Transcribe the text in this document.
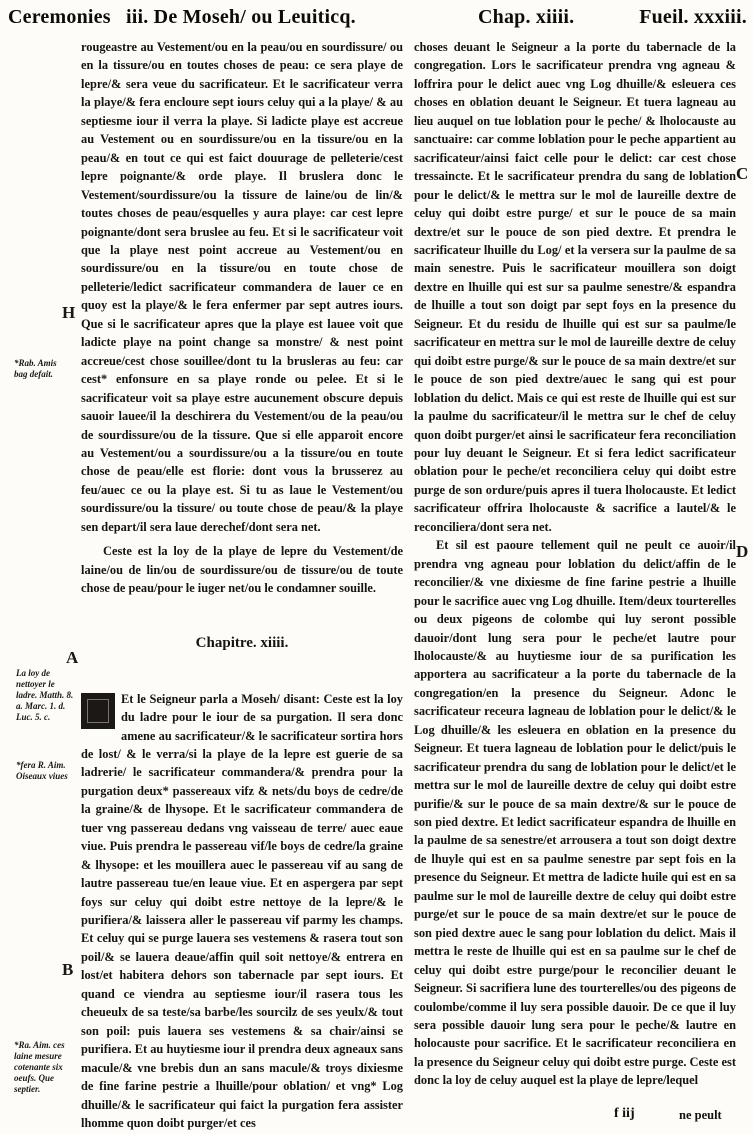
Ceremonies iii. De Moseh/ ou Leuiticq.	Chap. xiiii.	Fueil. xxxiii.
H
*Rab. Amis bag defait.
A
La loy de nettoyer le ladre. Matth. 8. a. Marc. 1. d. Luc. 5. c.
*fera R. Aim. Oiseaux viues
B
*Ra. Aim. ces laine mesure cotenante six oeufs. Que septier.
C
D

rougeastre au Vestement/ou en la peau/ou en sourdissure/ ou en la tissure/ou en toutes choses de peau: ce sera playe de lepre/& sera veue du sacrificateur. Et le sacrificateur verra la playe/& fera encloure sept iours celuy qui a la playe/ & au septiesme iour il verra la playe. Si ladicte playe est accreue au Vestement ou en sourdissure/ou en la tissure/ou en la peau/& en tout ce qui est faict douurage de pelleterie/cest lepre poignante/& orde playe. Il bruslera donc le Vestement/sourdissure/ou la tissure de laine/ou de lin/& toutes choses de peau/esquelles y aura playe: car cest lepre poignante/dont sera bruslee au feu. Et si le sacrificateur voit que la playe nest point accreue au Vestement/ou en sourdissure/ou en la tissure/ou en toute chose de pelleterie/ledict sacrificateur commandera de lauer ce en quoy est la playe/& le fera enfermer par sept autres iours. Que si le sacrificateur apres que la playe est lauee voit que ladicte playe na point change sa monstre/ & nest point accreue/cest chose souillee/dont tu la brusleras au feu: car cest* enfonsure en sa playe ronde ou pelee. Et si le sacrificateur voit sa playe estre aucunement obscure depuis sauoir lauee/il la deschirera du Vestement/ou de la peau/ou de sourdissure/ou de la tissure. Que si elle apparoit encore au Vestement/ou a sourdissure/ou a la tissure/ou en toute chose de peau/elle est florie: dont vous la brusserez au feu/auec ce ou la playe est. Si tu as laue le Vestement/ou sourdissure/ou la tissure/ ou toute chose de peau/& la playe sen depart/il sera laue derechef/dont sera net.

Ceste est la loy de la playe de lepre du Vestement/de laine/ou de lin/ou de sourdissure/ou de tissure/ou de toute chose de peau/pour le iuger net/ou le condamner souille.

Chapitre. xiiii.

Et le Seigneur parla a Moseh/ disant: Ceste est la loy du ladre pour le iour de sa purgation. Il sera donc amene au sacrificateur/& le sacrificateur sortira hors de lost/ & le verra/si la playe de la lepre est guerie de sa ladrerie/ le sacrificateur commandera/& prendra pour la purgation deux* passereaux vifz & nets/du boys de cedre/de la graine/& de lhysope. Et le sacrificateur commandera de tuer vng passereau dedans vng vaisseau de terre/ auec eaue viue. Puis prendra le passereau vif/le boys de cedre/la graine & lhysope: et les mouillera auec le passereau vif au sang de lautre passereau tue/en leaue viue. Et en aspergera par sept foys sur celuy qui doibt estre nettoye de la lepre/& le purifiera/& laissera aller le passereau vif parmy les champs. Et celuy qui se purge lauera ses vestemens & rasera tout son poil/& se lauera deaue/affin quil soit nettoye/& entrera en lost/et habitera dehors son tabernacle par sept iours. Et quand ce viendra au septiesme iour/il rasera tous les cheueulx de sa teste/sa barbe/les sourcilz de ses yeulx/& tout son poil: puis lauera ses vestemens & sa chair/ainsi se purifiera. Et au huytiesme iour il prendra deux agneaux sans macule/& vne brebis dun an sans macule/& troys dixiesme de fine farine pestrie a lhuille/pour oblation/ et vng* Log dhuille/& le sacrificateur qui faict la purgation fera assister lhomme quon doibt purger/et ces

choses deuant le Seigneur a la porte du tabernacle de la congregation. Lors le sacrificateur prendra vng agneau & loffrira pour le delict auec vng Log dhuille/& esleuera ces choses en oblation deuant le Seigneur. Et tuera lagneau au lieu auquel on tue loblation pour le peche/ & lholocauste au sanctuaire: car comme loblation pour le peche appartient au sacrificateur/ainsi faict celle pour le delict: car cest chose tressaincte. Et le sacrificateur prendra du sang de loblation pour le delict/& le mettra sur le mol de laureille dextre de celuy qui doibt estre purge/ et sur le pouce de sa main dextre/et sur le pouce de son pied dextre. Et prendra le sacrificateur lhuille du Log/ et la versera sur la paulme de sa main senestre. Puis le sacrificateur mouillera son doigt dextre en lhuille qui est sur sa paulme senestre/& espandra de lhuille a tout son doigt par sept foys en la presence du Seigneur. Et du residu de lhuille qui est sur sa paulme/le sacrificateur en mettra sur le mol de laureille dextre de celuy qui doibt estre purge/& sur le pouce de sa main dextre/et sur le pouce de son pied dextre/auec le sang qui est pour loblation du delict. Mais ce qui est reste de lhuille qui est sur la paulme du sacrificateur/il le mettra sur le chef de celuy quon doibt purger/et ainsi le sacrificateur fera reconciliation pour luy deuant le Seigneur. Et si fera ledict sacrificateur oblation pour le peche/et reconciliera celuy qui doibt estre purge de son ordure/puis apres il tuera lholocauste. Et ledict sacrificateur offrira lholocauste & sacrifice a lautel/& le reconciliera/dont sera net.

Et sil est paoure tellement quil ne peult ce auoir/il prendra vng agneau pour loblation du delict/affin de le reconcilier/& vne dixiesme de fine farine pestrie a lhuille pour le sacrifice auec vng Log dhuille. Item/deux tourterelles ou deux pigeons de colombe qui luy seront possible dauoir/dont lung sera pour le peche/et lautre pour lholocauste/& au huytiesme iour de sa purification les apportera au sacrificateur a la porte du tabernacle de la congregation/en la presence du Seigneur. Adonc le sacrificateur receura lagneau de loblation pour le delict/& le Log dhuille/& les esleuera en oblation en la presence du Seigneur. Et tuera lagneau de loblation pour le delict/puis le sacrificateur prendra du sang de loblation pour le delict/et le mettra sur le mol de laureille dextre de celuy qui doibt estre purifie/& sur le pouce de sa main dextre/& sur le pouce de son pied dextre. Et ledict sacrificateur espandra de lhuille en la paulme de sa senestre/et arrousera a tout son doigt dextre de lhuyle qui est en sa paulme senestre par sept fois en la presence du Seigneur. Et mettra de ladicte huile qui est en sa paulme sur le mol de laureille dextre de celuy qui doibt estre purge/et sur le pouce de sa main dextre/et sur le pouce de son pied dextre auec le sang pour loblation du delict. Mais il mettra le reste de lhuille qui est en sa paulme sur le chef de celuy qui doibt estre purge/pour le reconcilier deuant le Seigneur. Si sacrifiera lune des tourterelles/ou des pigeons de coulombe/comme il luy sera possible dauoir. De ce que il luy sera possible dauoir lung sera pour le peche/& lautre en holocauste pour sacrifice. Et le sacrificateur reconciliera en la presence du Seigneur celuy qui doibt estre purge. Ceste est donc la loy de celuy auquel est la playe de lepre/lequel

f iij	ne peult
